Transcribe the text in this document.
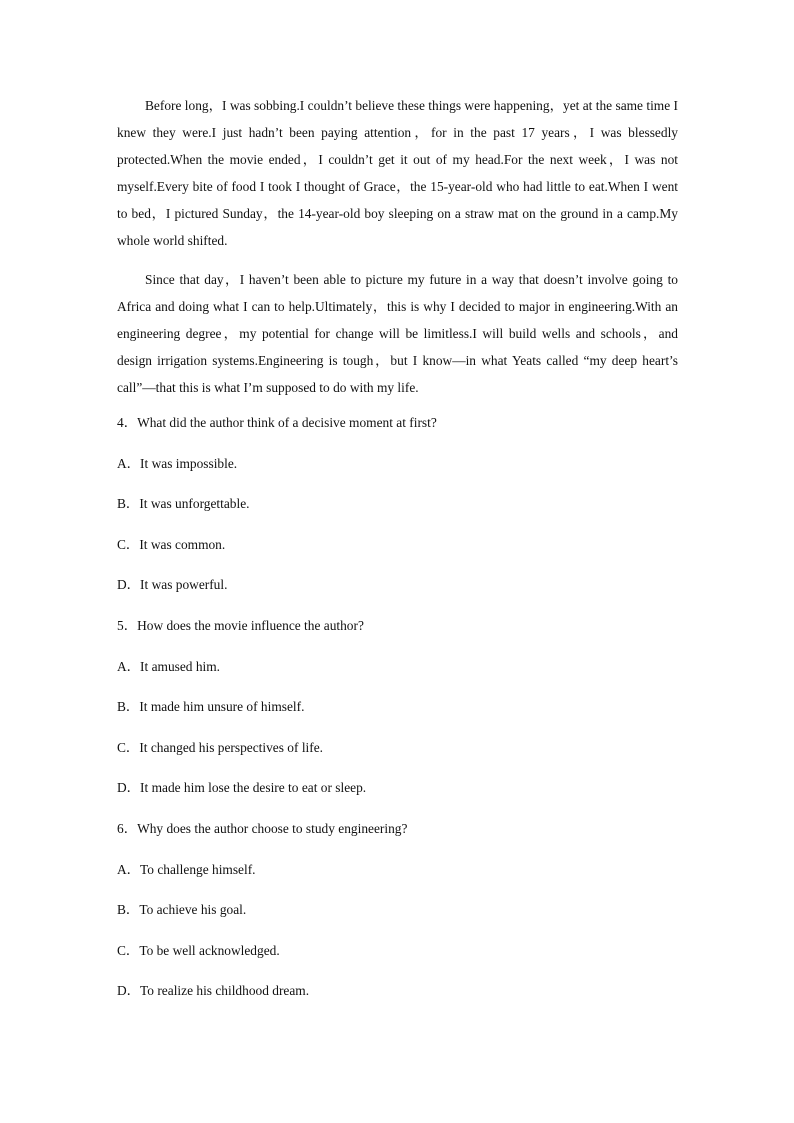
Before long，I was sobbing.I couldn’t believe these things were happening，yet at the same time I knew they were.I just hadn’t been paying attention，for in the past 17 years，I was blessedly protected.When the movie ended，I couldn’t get it out of my head.For the next week，I was not myself.Every bite of food I took I thought of Grace，the 15-year-old who had little to eat.When I went to bed，I pictured Sunday，the 14-year-old boy sleeping on a straw mat on the ground in a camp.My whole world shifted.

Since that day，I haven’t been able to picture my future in a way that doesn’t involve going to Africa and doing what I can to help.Ultimately，this is why I decided to major in engineering.With an engineering degree，my potential for change will be limitless.I will build wells and schools，and design irrigation systems.Engineering is tough，but I know—in what Yeats called “my deep heart’s call”—that this is what I’m supposed to do with my life.

4．What did the author think of a decisive moment at first?

A．It was impossible.

B．It was unforgettable.

C．It was common.

D．It was powerful.

5．How does the movie influence the author?

A．It amused him.

B．It made him unsure of himself.

C．It changed his perspectives of life.

D．It made him lose the desire to eat or sleep.

6．Why does the author choose to study engineering?

A．To challenge himself.

B．To achieve his goal.

C．To be well acknowledged.

D．To realize his childhood dream.
